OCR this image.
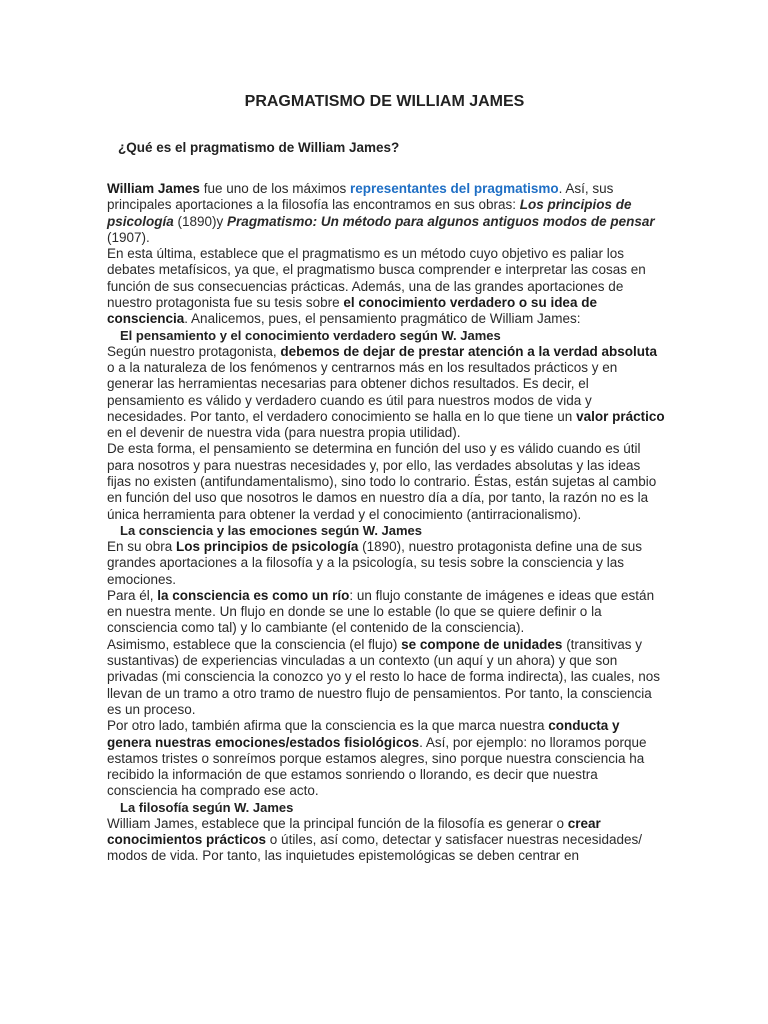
PRAGMATISMO DE WILLIAM JAMES
¿Qué es el pragmatismo de William James?

William James fue uno de los máximos representantes del pragmatismo. Así, sus principales aportaciones a la filosofía las encontramos en sus obras: Los principios de psicología (1890)y Pragmatismo: Un método para algunos antiguos modos de pensar (1907).

En esta última, establece que el pragmatismo es un método cuyo objetivo es paliar los debates metafísicos, ya que, el pragmatismo busca comprender e interpretar las cosas en función de sus consecuencias prácticas. Además, una de las grandes aportaciones de nuestro protagonista fue su tesis sobre el conocimiento verdadero o su idea de consciencia. Analicemos, pues, el pensamiento pragmático de William James:

El pensamiento y el conocimiento verdadero según W. James

Según nuestro protagonista, debemos de dejar de prestar atención a la verdad absoluta o a la naturaleza de los fenómenos y centrarnos más en los resultados prácticos y en generar las herramientas necesarias para obtener dichos resultados. Es decir, el pensamiento es válido y verdadero cuando es útil para nuestros modos de vida y necesidades. Por tanto, el verdadero conocimiento se halla en lo que tiene un valor práctico en el devenir de nuestra vida (para nuestra propia utilidad).

De esta forma, el pensamiento se determina en función del uso y es válido cuando es útil para nosotros y para nuestras necesidades y, por ello, las verdades absolutas y las ideas fijas no existen (antifundamentalismo), sino todo lo contrario. Éstas, están sujetas al cambio en función del uso que nosotros le damos en nuestro día a día, por tanto, la razón no es la única herramienta para obtener la verdad y el conocimiento (antirracionalismo).

La consciencia y las emociones según W. James

En su obra Los principios de psicología (1890), nuestro protagonista define una de sus grandes aportaciones a la filosofía y a la psicología, su tesis sobre la consciencia y las emociones.

Para él, la consciencia es como un río: un flujo constante de imágenes e ideas que están en nuestra mente. Un flujo en donde se une lo estable (lo que se quiere definir o la consciencia como tal) y lo cambiante (el contenido de la consciencia).

Asimismo, establece que la consciencia (el flujo) se compone de unidades (transitivas y sustantivas) de experiencias vinculadas a un contexto (un aquí y un ahora) y que son privadas (mi consciencia la conozco yo y el resto lo hace de forma indirecta), las cuales, nos llevan de un tramo a otro tramo de nuestro flujo de pensamientos. Por tanto, la consciencia es un proceso.

Por otro lado, también afirma que la consciencia es la que marca nuestra conducta y genera nuestras emociones/estados fisiológicos. Así, por ejemplo: no lloramos porque estamos tristes o sonreímos porque estamos alegres, sino porque nuestra consciencia ha recibido la información de que estamos sonriendo o llorando, es decir que nuestra consciencia ha comprado ese acto.

La filosofía según W. James

William James, establece que la principal función de la filosofía es generar o crear conocimientos prácticos o útiles, así como, detectar y satisfacer nuestras necesidades/ modos de vida. Por tanto, las inquietudes epistemológicas se deben centrar en
